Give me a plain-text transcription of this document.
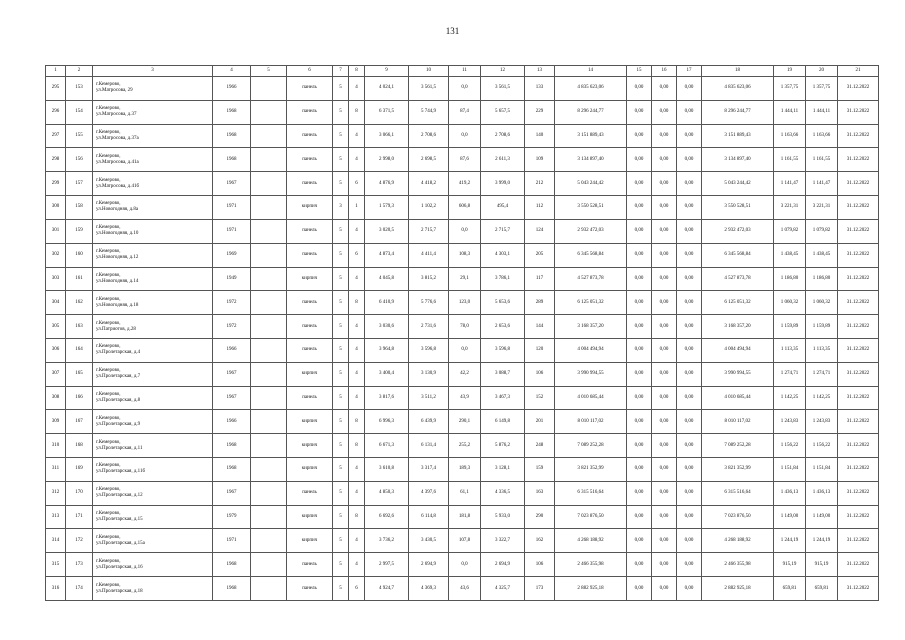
131
1	2	3	4	5	6	7	8	9	10	11	12	13	14	15	16	17	18	19	20	21
295	153	г.Кемерово,
ул.Матросова, 29	1966		панель	5	4	4 024,1	3 561,5	0,0	3 561,5	133	4 835 623,06	0,00	0,00	0,00	4 835 623,06	1 357,75	1 357,75	31.12.2022
296	154	г.Кемерово,
ул.Матросова, д.37	1968		панель	5	8	6 371,5	5 744,9	87,4	5 657,5	229	8 296 244,77	0,00	0,00	0,00	8 296 244,77	1 444,11	1 444,11	31.12.2022
297	155	г.Кемерово,
ул.Матросова, д.37а	1968		панель	5	4	3 066,1	2 708,6	0,0	2 708,6	140	3 151 889,43	0,00	0,00	0,00	3 151 889,43	1 163,66	1 163,66	31.12.2022
298	156	г.Кемерово,
ул.Матросова, д.41а	1968		панель	5	4	2 998,0	2 698,5	87,6	2 611,3	109	3 134 897,40	0,00	0,00	0,00	3 134 897,40	1 161,55	1 161,55	31.12.2022
299	157	г.Кемерово,
ул.Матросова, д.41б	1967		панель	5	6	4 876,9	4 418,2	419,2	3 999,0	212	5 043 244,42	0,00	0,00	0,00	5 043 244,42	1 141,47	1 141,47	31.12.2022
300	158	г.Кемерово,
ул.Новогодняя, д.8а	1971		кирпич	3	1	1 579,3	1 102,2	606,8	495,4	112	3 550 528,51	0,00	0,00	0,00	3 550 528,51	3 221,31	3 221,31	31.12.2022
301	159	г.Кемерово,
ул.Новогодняя, д.10	1971		панель	5	4	3 020,5	2 715,7	0,0	2 715,7	124	2 932 472,03	0,00	0,00	0,00	2 932 472,03	1 079,82	1 079,82	31.12.2022
302	160	г.Кемерово,
ул.Новогодняя, д.12	1969		панель	5	6	4 873,4	4 411,4	108,3	4 303,1	205	6 345 568,84	0,00	0,00	0,00	6 345 568,84	1 438,45	1 438,45	31.12.2022
303	161	г.Кемерово,
ул.Новогодняя, д.14	1949		кирпич	5	4	4 045,8	3 815,2	29,1	3 786,1	117	4 527 873,78	0,00	0,00	0,00	4 527 873,78	1 186,80	1 186,80	31.12.2022
304	162	г.Кемерово,
ул.Новогодняя, д.18	1972		панель	5	8	6 410,9	5 776,6	123,0	5 653,6	289	6 125 051,32	0,00	0,00	0,00	6 125 051,32	1 060,32	1 060,32	31.12.2022
305	163	г.Кемерово,
ул.Патриотов, д.28	1972		панель	5	4	3 030,6	2 731,6	78,0	2 653,6	144	3 168 357,20	0,00	0,00	0,00	3 168 357,20	1 159,89	1 159,89	31.12.2022
306	164	г.Кемерово,
ул.Пролетарская, д.4	1966		панель	5	4	3 964,8	3 596,8	0,0	3 596,8	120	4 004 494,94	0,00	0,00	0,00	4 004 494,94	1 113,35	1 113,35	31.12.2022
307	165	г.Кемерово,
ул.Пролетарская, д.7	1967		кирпич	5	4	3 400,4	3 130,9	42,2	3 088,7	106	3 990 994,55	0,00	0,00	0,00	3 990 994,55	1 274,71	1 274,71	31.12.2022
308	166	г.Кемерово,
ул.Пролетарская, д.8	1967		панель	5	4	3 817,6	3 511,2	43,9	3 467,3	152	4 010 685,44	0,00	0,00	0,00	4 010 685,44	1 142,25	1 142,25	31.12.2022
309	167	г.Кемерово,
ул.Пролетарская, д.9	1966		кирпич	5	8	6 996,3	6 439,9	290,1	6 149,8	201	8 010 117,02	0,00	0,00	0,00	8 010 117,02	1 243,83	1 243,83	31.12.2022
310	168	г.Кемерово,
ул.Пролетарская, д.11	1968		кирпич	5	8	6 671,3	6 131,4	255,2	5 876,2	248	7 089 252,28	0,00	0,00	0,00	7 089 252,28	1 156,22	1 156,22	31.12.2022
311	169	г.Кемерово,
ул.Пролетарская, д.11б	1968		кирпич	5	4	3 610,8	3 317,4	189,3	3 128,1	159	3 821 352,99	0,00	0,00	0,00	3 821 352,99	1 151,84	1 151,84	31.12.2022
312	170	г.Кемерово,
ул.Пролетарская, д.12	1967		панель	5	4	4 850,3	4 397,6	61,1	4 336,5	163	6 315 516,64	0,00	0,00	0,00	6 315 516,64	1 436,13	1 436,13	31.12.2022
313	171	г.Кемерово,
ул.Пролетарская, д.15	1979		кирпич	5	8	6 692,6	6 114,8	181,8	5 933,0	290	7 023 876,50	0,00	0,00	0,00	7 023 876,50	1 149,00	1 149,00	31.12.2022
314	172	г.Кемерово,
ул.Пролетарская, д.15а	1971		кирпич	5	4	3 736,2	3 430,5	107,8	3 322,7	162	4 268 188,92	0,00	0,00	0,00	4 268 188,92	1 244,19	1 244,19	31.12.2022
315	173	г.Кемерово,
ул.Пролетарская, д.16	1968		панель	5	4	2 997,5	2 694,9	0,0	2 694,9	106	2 466 355,98	0,00	0,00	0,00	2 466 355,98	915,19	915,19	31.12.2022
316	174	г.Кемерово,
ул.Пролетарская, д.18	1968		панель	5	6	4 924,7	4 369,3	43,6	4 325,7	173	2 882 925,18	0,00	0,00	0,00	2 882 925,18	659,81	659,81	31.12.2022
